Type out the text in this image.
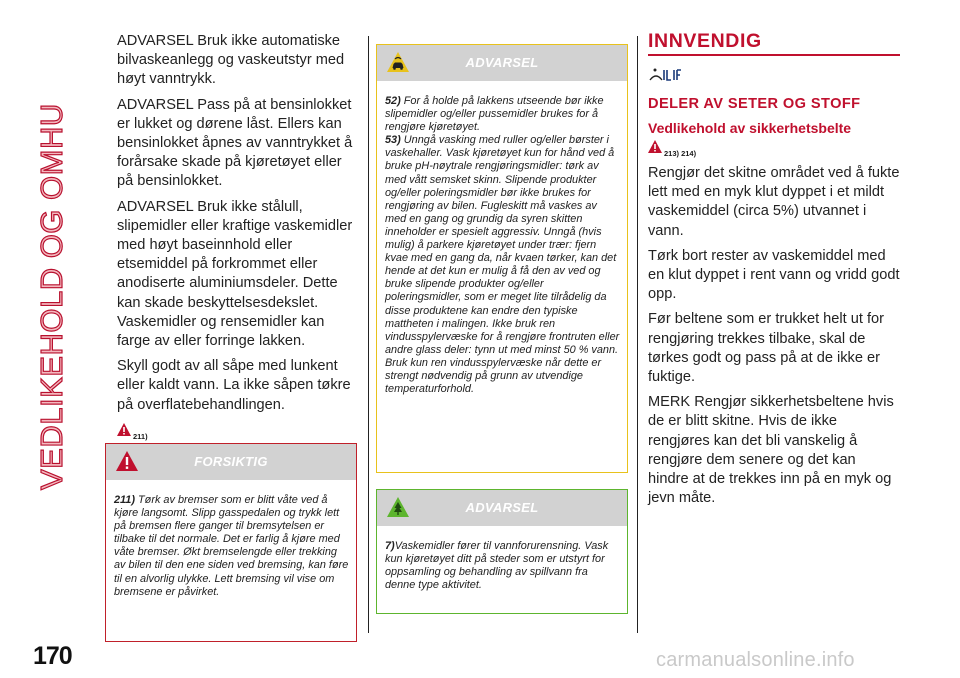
VEDLIKEHOLD OG OMHU

ADVARSEL Bruk ikke automatiske bilvaskeanlegg og vaskeutstyr med høyt vanntrykk.

ADVARSEL Pass på at bensinlokket er lukket og dørene låst. Ellers kan bensinlokket åpnes av vanntrykket å forårsake skade på kjøretøyet eller på bensinlokket.

ADVARSEL Bruk ikke stålull, slipemidler eller kraftige vaskemidler med høyt baseinnhold eller etsemiddel på forkrommet eller anodiserte aluminiumsdeler. Dette kan skade beskyttelsesdekslet. Vaskemidler og rensemidler kan farge av eller forringe lakken.

Skyll godt av all såpe med lunkent eller kaldt vann. La ikke såpen tøkre på overflatebehandlingen.

211)
FORSIKTIG
211) Tørk av bremser som er blitt våte ved å kjøre langsomt. Slipp gasspedalen og trykk lett på bremsen flere ganger til bremsytelsen er tilbake til det normale. Det er farlig å kjøre med våte bremser. Økt bremselengde eller trekking av bilen til den ene siden ved bremsing, kan føre til en alvorlig ulykke. Lett bremsing vil vise om bremsene er påvirket.
ADVARSEL
52) For å holde på lakkens utseende bør ikke slipemidler og/eller pussemidler brukes for å rengjøre kjøretøyet.
53) Unngå vasking med ruller og/eller børster i vaskehaller. Vask kjøretøyet kun for hånd ved å bruke pH-nøytrale rengjøringsmidler: tørk av med vått semsket skinn. Slipende produkter og/eller poleringsmidler bør ikke brukes for rengjøring av bilen. Fugleskitt må vaskes av med en gang og grundig da syren skitten inneholder er spesielt aggressiv. Unngå (hvis mulig) å parkere kjøretøyet under trær: fjern kvae med en gang da, når kvaen tørker, kan det hende at det kun er mulig å få den av ved og bruke slipende produkter og/eller poleringsmidler, som er meget lite tilrådelig da disse produktene kan endre den typiske mattheten i malingen. Ikke bruk ren vindusspylervæske for å rengjøre frontruten eller andre glass deler: tynn ut med minst 50 % vann. Bruk kun ren vindusspylervæske når dette er strengt nødvendig på grunn av utvendige temperaturforhold.
ADVARSEL
7)Vaskemidler fører til vannforurensning. Vask kun kjøretøyet ditt på steder som er utstyrt for oppsamling og behandling av spillvann fra denne type aktivitet.
INNVENDIG
DELER AV SETER OG STOFF
Vedlikehold av sikkerhetsbelte
213) 214)

Rengjør det skitne området ved å fukte lett med en myk klut dyppet i et mildt vaskemiddel (circa 5%) utvannet i vann.

Tørk bort rester av vaskemiddel med en klut dyppet i rent vann og vridd godt opp.

Før beltene som er trukket helt ut for rengjøring trekkes tilbake, skal de tørkes godt og pass på at de ikke er fuktige.

MERK Rengjør sikkerhetsbeltene hvis de er blitt skitne. Hvis de ikke rengjøres kan det bli vanskelig å rengjøre dem senere og det kan hindre at de trekkes inn på en myk og jevn måte.

170	carmanualsonline.info
